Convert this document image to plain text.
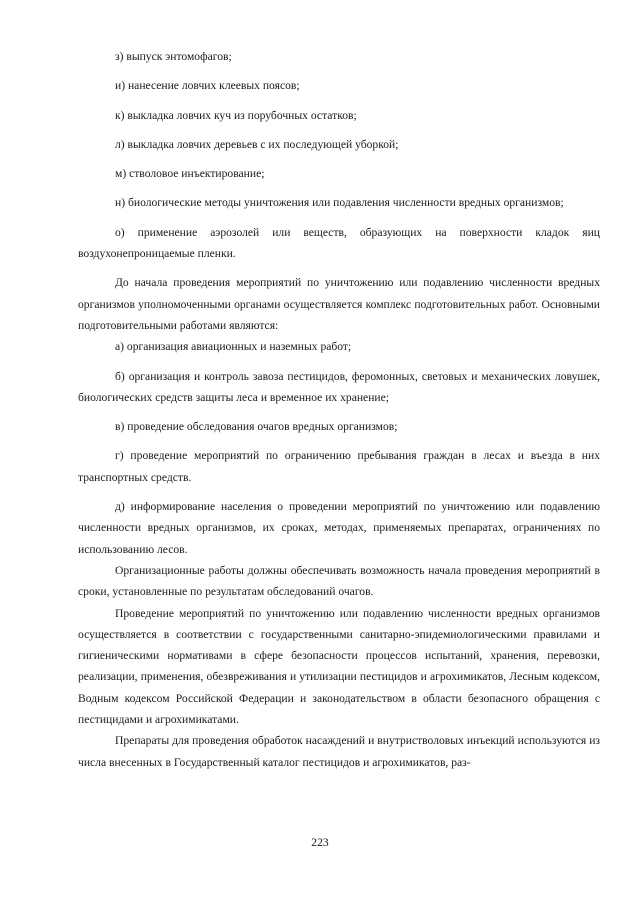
з) выпуск энтомофагов;

и) нанесение ловчих клеевых поясов;

к) выкладка ловчих куч из порубочных остатков;

л) выкладка ловчих деревьев с их последующей уборкой;

м) стволовое инъектирование;

н) биологические методы уничтожения или подавления численности вредных организмов;

о) применение аэрозолей или веществ, образующих на поверхности кладок яиц воздухонепроницаемые пленки.

До начала проведения мероприятий по уничтожению или подавлению численности вредных организмов уполномоченными органами осуществляется комплекс подготовительных работ. Основными подготовительными работами являются:

а) организация авиационных и наземных работ;

б) организация и контроль завоза пестицидов, феромонных, световых и механических ловушек, биологических средств защиты леса и временное их хранение;

в) проведение обследования очагов вредных организмов;

г) проведение мероприятий по ограничению пребывания граждан в лесах и въезда в них транспортных средств.

д) информирование населения о проведении мероприятий по уничтожению или подавлению численности вредных организмов, их сроках, методах, применяемых препаратах, ограничениях по использованию лесов.

Организационные работы должны обеспечивать возможность начала проведения мероприятий в сроки, установленные по результатам обследований очагов.

Проведение мероприятий по уничтожению или подавлению численности вредных организмов осуществляется в соответствии с государственными санитарно-эпидемиологическими правилами и гигиеническими нормативами в сфере безопасности процессов испытаний, хранения, перевозки, реализации, применения, обезвреживания и утилизации пестицидов и агрохимикатов, Лесным кодексом, Водным кодексом Российской Федерации и законодательством в области безопасного обращения с пестицидами и агрохимикатами.

Препараты для проведения обработок насаждений и внутристволовых инъекций используются из числа внесенных в Государственный каталог пестицидов и агрохимикатов, раз-

223
